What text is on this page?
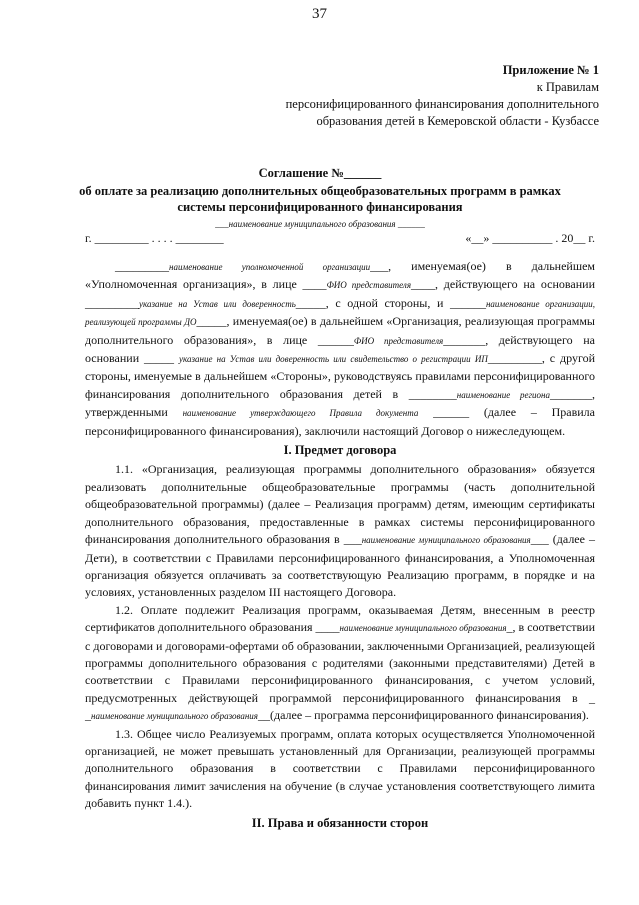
37
Приложение № 1
к Правилам
персонифицированного финансирования дополнительного
образования детей в Кемеровской области - Кузбассе
Соглашение №______
об оплате за реализацию дополнительных общеобразовательных программ в рамках
системы персонифицированного финансирования
___наименование муниципального образования ______
г. _________ . . . . ________	«__» __________ . 20__ г.

_________наименование уполномоченной организации___, именуемая(ое) в дальнейшем «Уполномоченная организация», в лице ____ФИО представителя____, действующего на основании _________указание на Устав или доверенность_____, с одной стороны, и ______наименование организации, реализующей программы ДО_____, именуемая(ое) в дальнейшем «Организация, реализующая программы дополнительного образования», в лице ______ФИО представителя_______, действующего на основании _____ указание на Устав или доверенность или свидетельство о регистрации ИП_________, с другой стороны, именуемые в дальнейшем «Стороны», руководствуясь правилами персонифицированного финансирования дополнительного образования детей в ________наименование региона_______, утвержденными наименование утверждающего Правила документа ______ (далее – Правила персонифицированного финансирования), заключили настоящий Договор о нижеследующем.

I. Предмет договора

1.1. «Организация, реализующая программы дополнительного образования» обязуется реализовать дополнительные общеобразовательные программы (часть дополнительной общеобразовательной программы) (далее – Реализация программ) детям, имеющим сертификаты дополнительного образования, предоставленные в рамках системы персонифицированного финансирования дополнительного образования в ___наименование муниципального образования___ (далее – Дети), в соответствии с Правилами персонифицированного финансирования, а Уполномоченная организация обязуется оплачивать за соответствующую Реализацию программ, в порядке и на условиях, установленных разделом III настоящего Договора.

1.2. Оплате подлежит Реализация программ, оказываемая Детям, внесенным в реестр сертификатов дополнительного образования ____наименование муниципального образования_, в соответствии с договорами и договорами-офертами об образовании, заключенными Организацией, реализующей программы дополнительного образования с родителями (законными представителями) Детей в соответствии с Правилами персонифицированного финансирования, с учетом условий, предусмотренных действующей программой персонифицированного финансирования в _ _наименование муниципального образования__(далее – программа персонифицированного финансирования).

1.3. Общее число Реализуемых программ, оплата которых осуществляется Уполномоченной организацией, не может превышать установленный для Организации, реализующей программы дополнительного образования в соответствии с Правилами персонифицированного финансирования лимит зачисления на обучение (в случае установления соответствующего лимита добавить пункт 1.4.).

II. Права и обязанности сторон
